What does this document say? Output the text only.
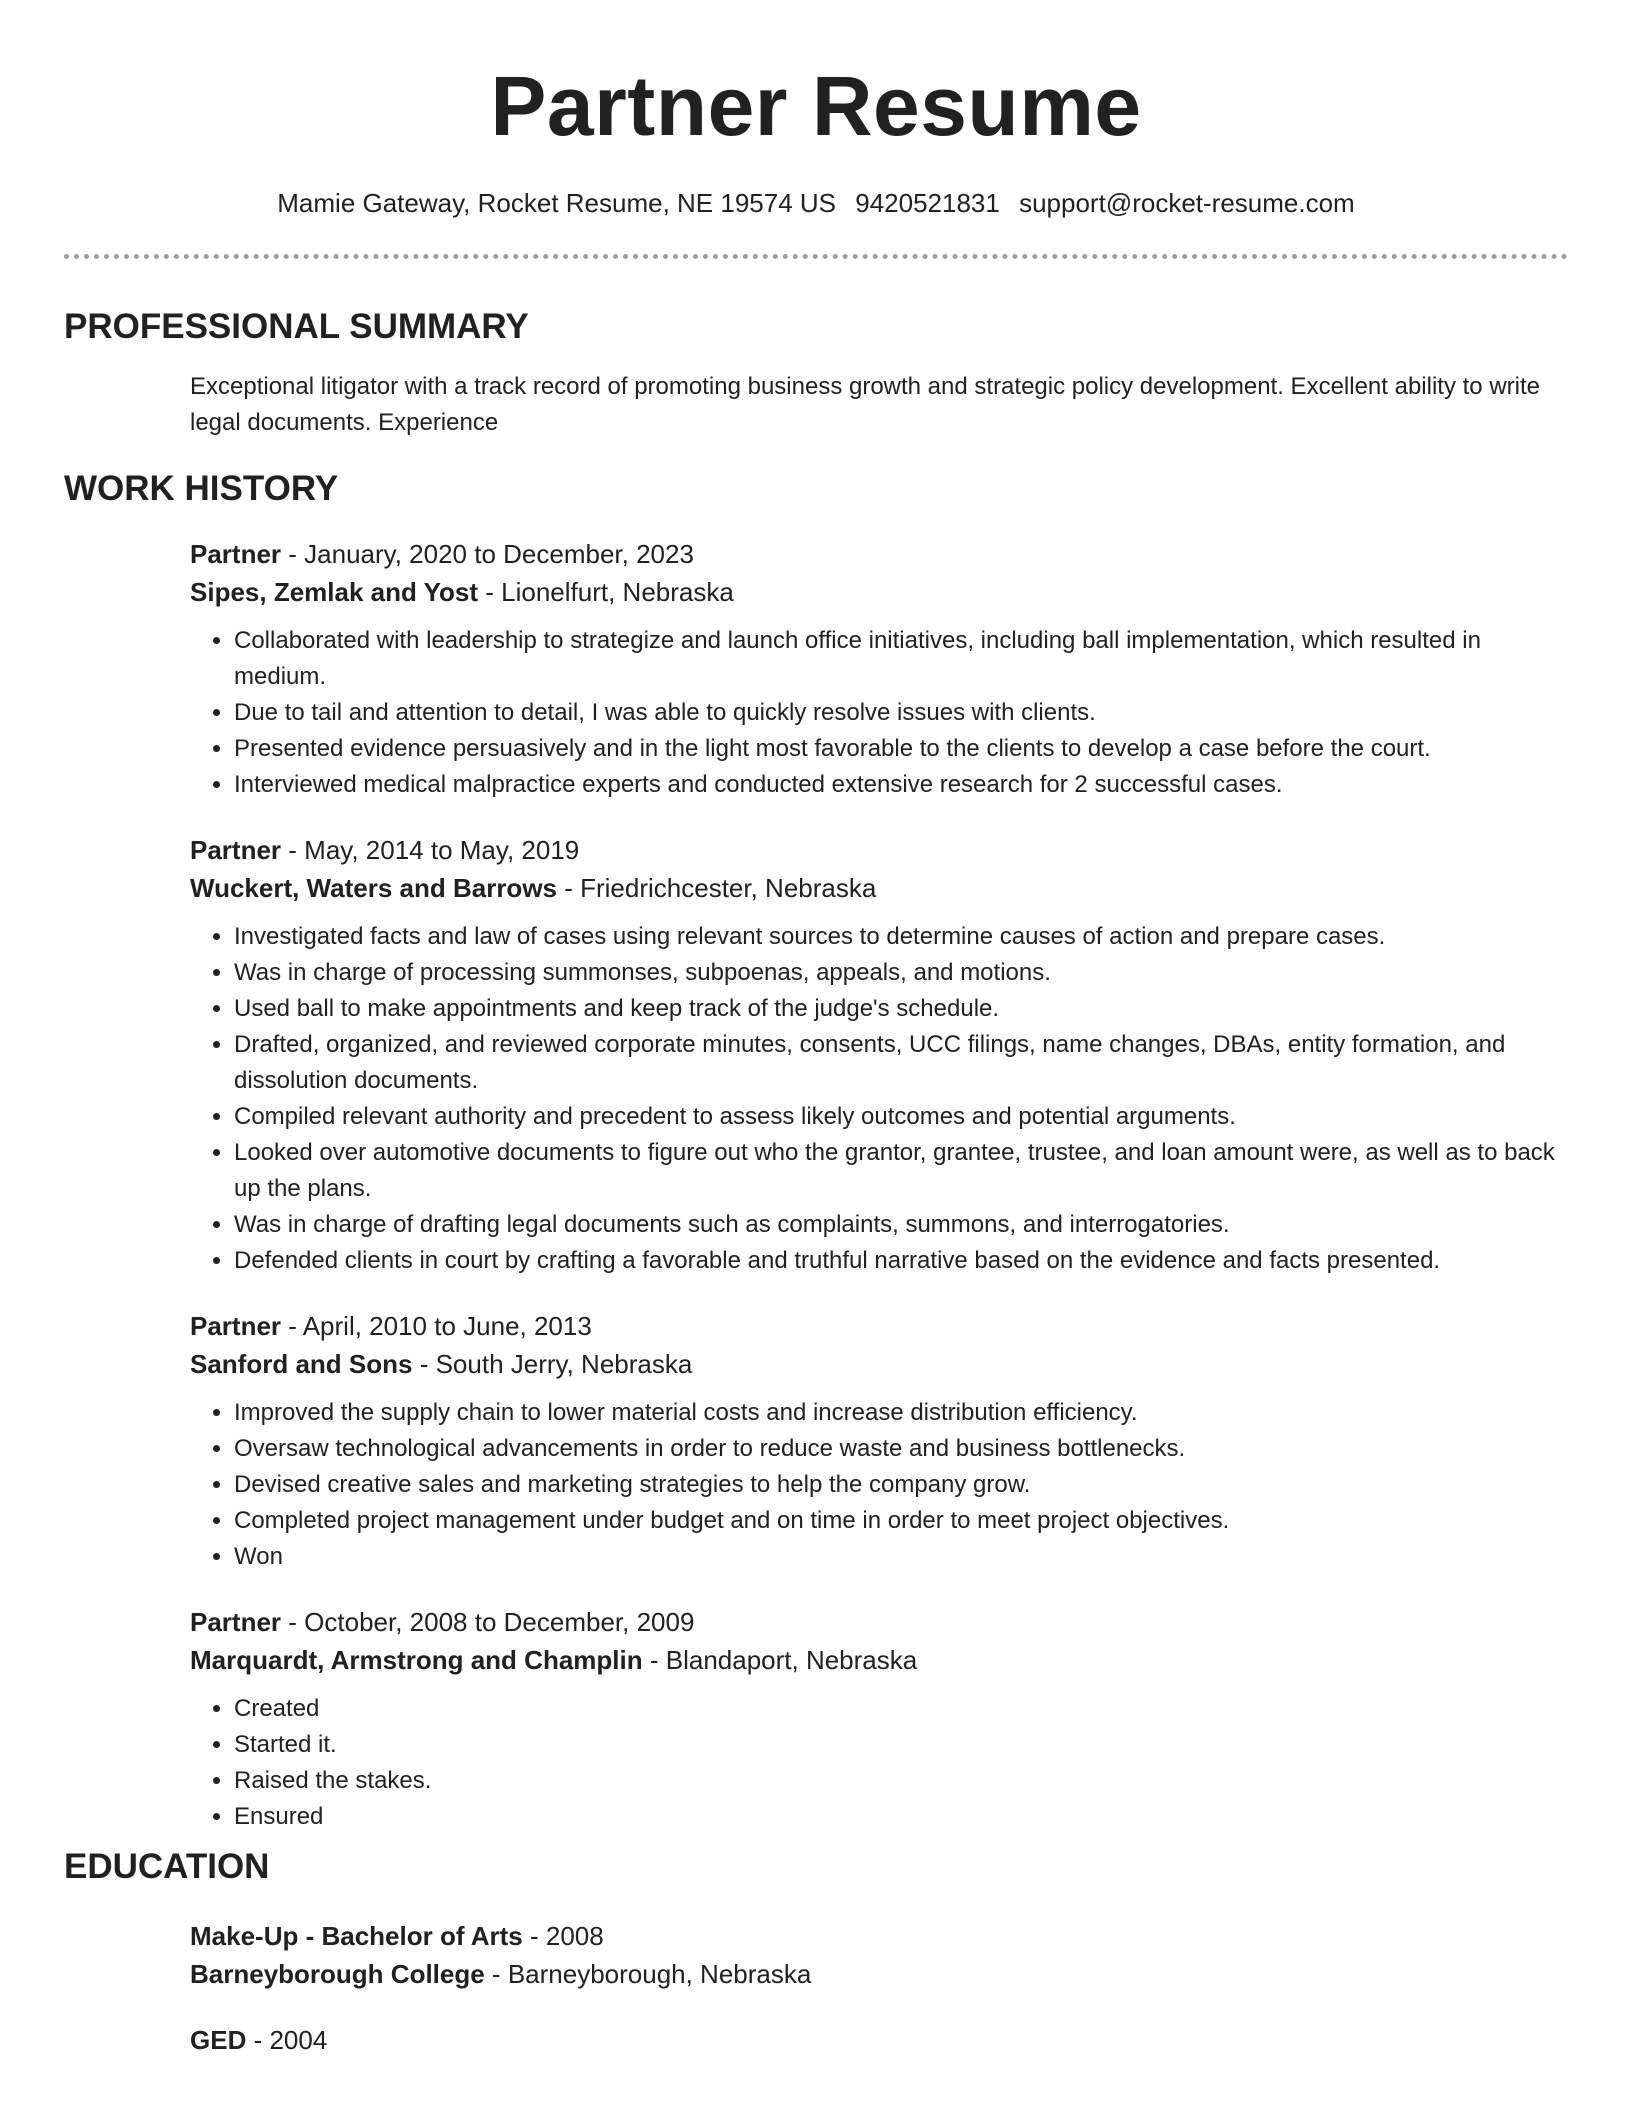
Partner Resume
Mamie Gateway, Rocket Resume, NE 19574 US 9420521831 support@rocket-resume.com
PROFESSIONAL SUMMARY

Exceptional litigator with a track record of promoting business growth and strategic policy development. Excellent ability to write legal documents. Experience

WORK HISTORY
Partner - January, 2020 to December, 2023
Sipes, Zemlak and Yost - Lionelfurt, Nebraska
• Collaborated with leadership to strategize and launch office initiatives, including ball implementation, which resulted in medium.
• Due to tail and attention to detail, I was able to quickly resolve issues with clients.
• Presented evidence persuasively and in the light most favorable to the clients to develop a case before the court.
• Interviewed medical malpractice experts and conducted extensive research for 2 successful cases.
Partner - May, 2014 to May, 2019
Wuckert, Waters and Barrows - Friedrichcester, Nebraska
• Investigated facts and law of cases using relevant sources to determine causes of action and prepare cases.
• Was in charge of processing summonses, subpoenas, appeals, and motions.
• Used ball to make appointments and keep track of the judge's schedule.
• Drafted, organized, and reviewed corporate minutes, consents, UCC filings, name changes, DBAs, entity formation, and dissolution documents.
• Compiled relevant authority and precedent to assess likely outcomes and potential arguments.
• Looked over automotive documents to figure out who the grantor, grantee, trustee, and loan amount were, as well as to back up the plans.
• Was in charge of drafting legal documents such as complaints, summons, and interrogatories.
• Defended clients in court by crafting a favorable and truthful narrative based on the evidence and facts presented.
Partner - April, 2010 to June, 2013
Sanford and Sons - South Jerry, Nebraska
• Improved the supply chain to lower material costs and increase distribution efficiency.
• Oversaw technological advancements in order to reduce waste and business bottlenecks.
• Devised creative sales and marketing strategies to help the company grow.
• Completed project management under budget and on time in order to meet project objectives.
• Won
Partner - October, 2008 to December, 2009
Marquardt, Armstrong and Champlin - Blandaport, Nebraska
• Created
• Started it.
• Raised the stakes.
• Ensured
EDUCATION
Make-Up - Bachelor of Arts - 2008
Barneyborough College - Barneyborough, Nebraska
GED - 2004
